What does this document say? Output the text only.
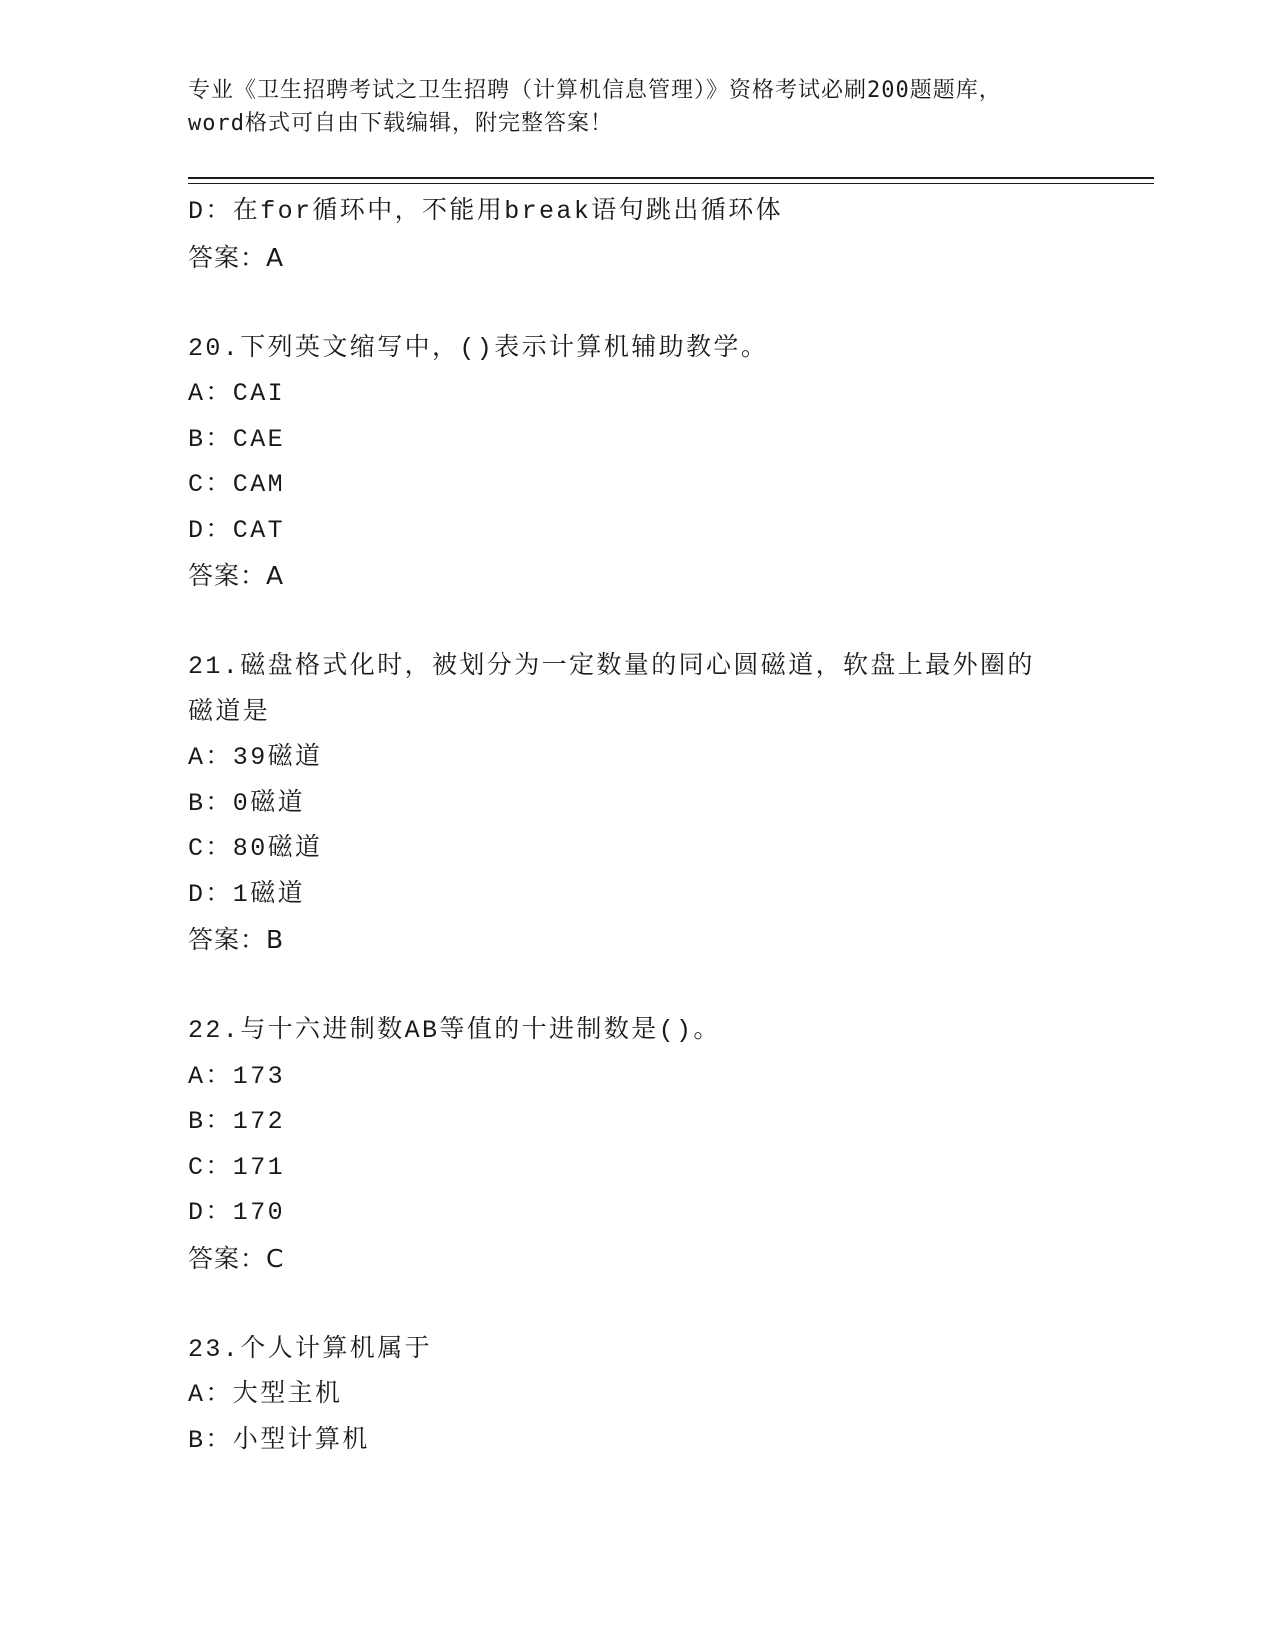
专业《卫生招聘考试之卫生招聘（计算机信息管理）》资格考试必刷200题题库，
word格式可自由下载编辑，附完整答案！
D：在for循环中，不能用break语句跳出循环体
答案：A
20.下列英文缩写中，()表示计算机辅助教学。
A：CAI
B：CAE
C：CAM
D：CAT
答案：A
21.磁盘格式化时，被划分为一定数量的同心圆磁道，软盘上最外圈的
磁道是
A：39磁道
B：0磁道
C：80磁道
D：1磁道
答案：B
22.与十六进制数AB等值的十进制数是()。
A：173
B：172
C：171
D：170
答案：C
23.个人计算机属于
A：大型主机
B：小型计算机
